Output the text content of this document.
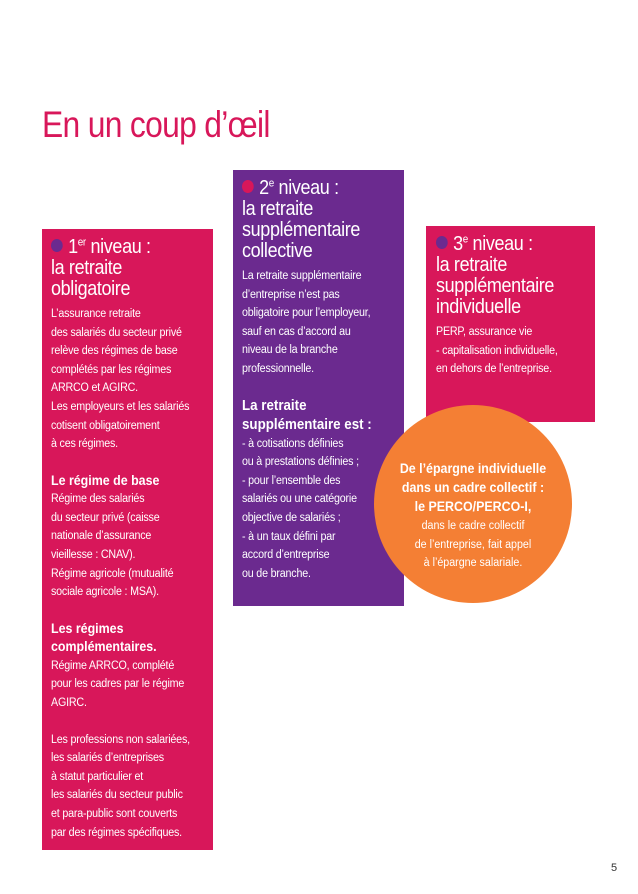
En un coup d’œil
1er niveau :
la retraite
obligatoire
L’assurance retraite
des salariés du secteur privé
relève des régimes de base
complétés par les régimes
ARRCO et AGIRC.
Les employeurs et les salariés
cotisent obligatoirement
à ces régimes.
Le régime de base
Régime des salariés
du secteur privé (caisse
nationale d’assurance
vieillesse : CNAV).
Régime agricole (mutualité
sociale agricole : MSA).
Les régimes
complémentaires.
Régime ARRCO, complété
pour les cadres par le régime
AGIRC.
Les professions non salariées,
les salariés d’entreprises
à statut particulier et
les salariés du secteur public
et para-public sont couverts
par des régimes spécifiques.
2e niveau :
la retraite
supplémentaire
collective
La retraite supplémentaire
d’entreprise n’est pas
obligatoire pour l’employeur,
sauf en cas d’accord au
niveau de la branche
professionnelle.
La retraite
supplémentaire est :
- à cotisations définies
ou à prestations définies ;
- pour l’ensemble des
salariés ou une catégorie
objective de salariés ;
- à un taux défini par
accord d’entreprise
ou de branche.
3e niveau :
la retraite
supplémentaire
individuelle
PERP, assurance vie
- capitalisation individuelle,
en dehors de l’entreprise.
De l’épargne individuelle
dans un cadre collectif :
le PERCO/PERCO-I,
dans le cadre collectif
de l’entreprise, fait appel
à l’épargne salariale.
5
